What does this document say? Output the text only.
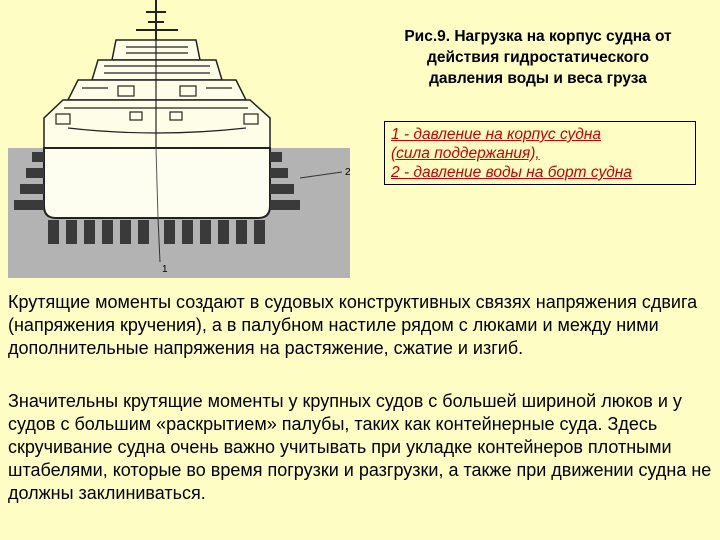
2
1
Рис.9. Нагрузка на корпус судна от
действия гидростатического
давления воды и веса груза
1 - давление на корпус судна
(сила поддержания),
2 - давление воды на борт судна
Крутящие моменты создают в судовых конструктивных связях напряжения сдвига (напряжения кручения), а в палубном настиле рядом с люками и между ними дополнительные напряжения на растяжение, сжатие и изгиб.
Значительны крутящие моменты у крупных судов с большей шириной люков и у судов с большим «раскрытием» палубы, таких как контейнерные суда. Здесь скручивание судна очень важно учитывать при укладке контейнеров плотными штабелями, которые во время погрузки и разгрузки, а также при движении судна не должны заклиниваться.
